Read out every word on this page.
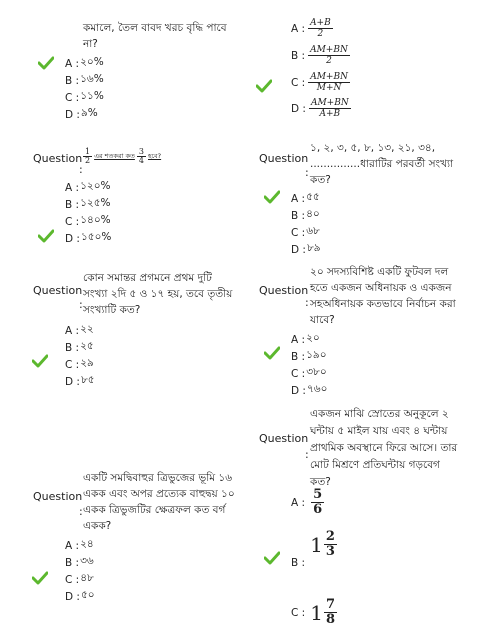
কমালে, তৈল বাবদ খরচ বৃদ্ধি পাবে
না?
A : ২০%
B : ১৬%
C : ১১%
D : ৯%
Question $\frac{1}{2}$ এর শতকরা কত $\frac{3}{4}$ হবে?
:
A : ১২০%
B : ১২৫%
C : ১৪০%
D : ১৫০%
Question
:
কোন সমান্তর প্রগমনে প্রথম দুটি
সংখ্যা ২দি ৫ ও ১৭ হয়, তবে তৃতীয়
সংখ্যাটি কত?
A : ২২
B : ২৫
C : ২৯
D : ৮৫
Question
:
একটি সমদ্বিবাহুর ত্রিভুজের ভূমি ১৬
একক এবং অপর প্রত্যেক বাহুদ্বয় ১০
একক ত্রিভুজটির ক্ষেত্রফল কত বর্গ
একক?
A : ২৪
B : ৩৬
C : ৪৮
D : ৫০
A : $\frac{A+B}{2}$
B : $\frac{AM+BN}{2}$
C : $\frac{AM+BN}{M+N}$
D : $\frac{AM+BN}{A+B}$
Question
:
১, ২, ৩, ৫, ৮, ১৩, ২১, ৩৪,
...............ধারাটির পরবর্তী সংখ্যা
কত?
A : ৫৫
B : ৪০
C : ৬৮
D : ৮৯
Question
:
২০ সদস্যবিশিষ্ট একটি ফুটবল দল
হতে একজন অধিনায়ক ও একজন
সহঅধিনায়ক কতভাবে নির্বাচন করা
যাবে?
A : ২০
B : ১৯০
C : ৩৮০
D : ৭৬০
Question
:
একজন মাঝি স্রোতের অনুকূলে ২
ঘন্টায় ৫ মাইল যায় এবং ৪ ঘন্টায়
প্রাথমিক অবস্থানে ফিরে আসে। তার
মোট মিশ্রণে প্রতিঘন্টায় গড়বেগ
কত?
A : $\frac{5}{6}$
B :
$1 \frac{2}{3}$
C : $1 \frac{7}{8}$
